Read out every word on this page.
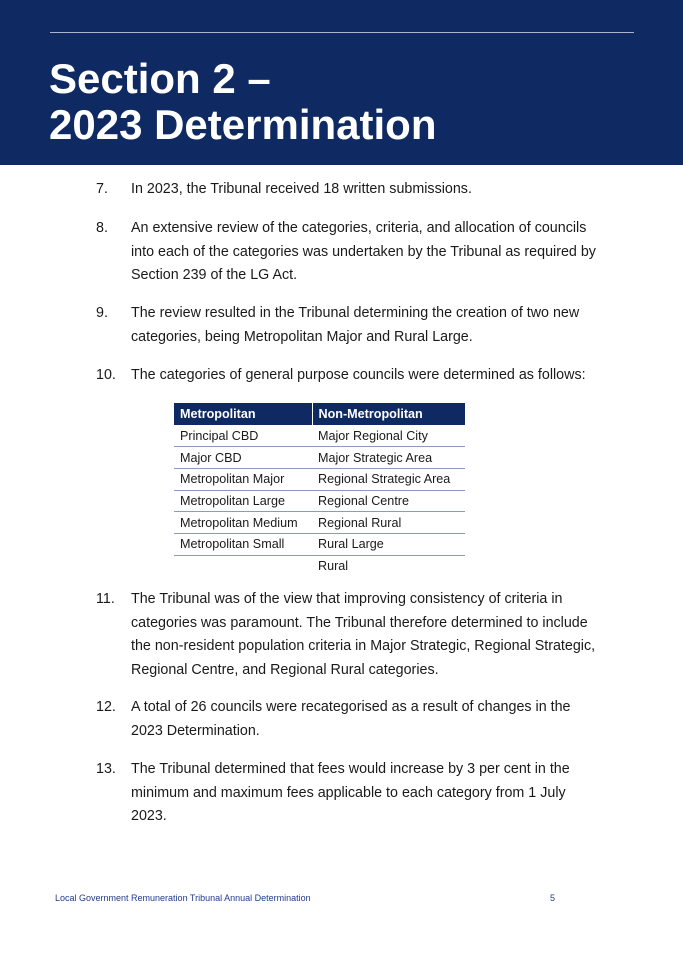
Section 2 –
2023 Determination
7.	In 2023, the Tribunal received 18 written submissions.
8.	An extensive review of the categories, criteria, and allocation of councils into each of the categories was undertaken by the Tribunal as required by Section 239 of the LG Act.
9.	The review resulted in the Tribunal determining the creation of two new categories, being Metropolitan Major and Rural Large.
10.	The categories of general purpose councils were determined as follows:
Metropolitan	Non-Metropolitan
Principal CBD	Major Regional City
Major CBD	Major Strategic Area
Metropolitan Major	Regional Strategic Area
Metropolitan Large	Regional Centre
Metropolitan Medium	Regional Rural
Metropolitan Small	Rural Large
	Rural
11.	The Tribunal was of the view that improving consistency of criteria in categories was paramount. The Tribunal therefore determined to include the non-resident population criteria in Major Strategic, Regional Strategic, Regional Centre, and Regional Rural categories.
12.	A total of 26 councils were recategorised as a result of changes in the 2023 Determination.
13.	The Tribunal determined that fees would increase by 3 per cent in the minimum and maximum fees applicable to each category from 1 July 2023.
Local Government Remuneration Tribunal Annual Determination	5
